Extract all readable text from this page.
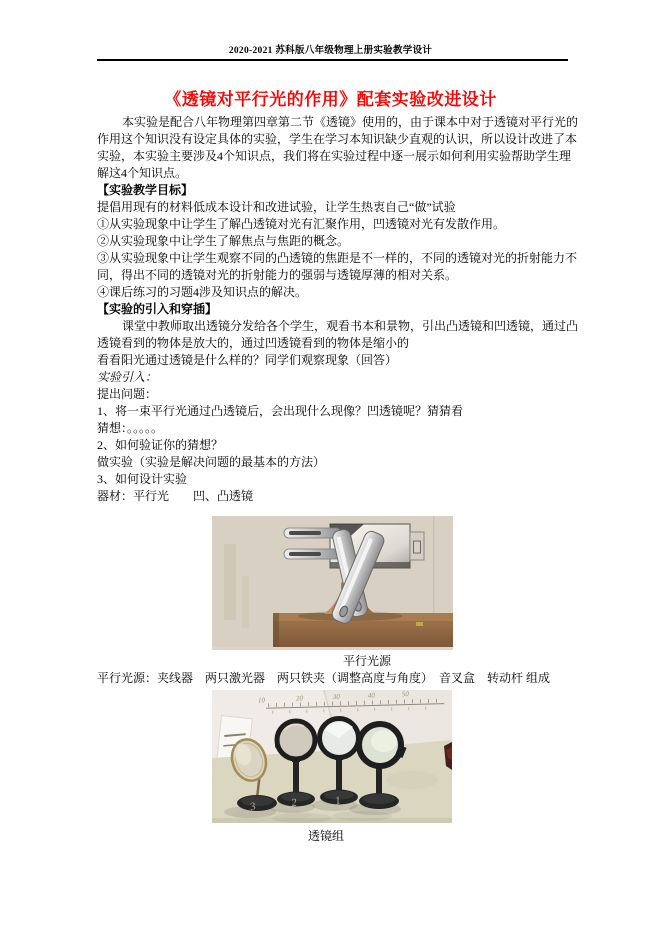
2020-2021 苏科版八年级物理上册实验教学设计
《透镜对平行光的作用》配套实验改进设计
本实验是配合八年物理第四章第二节《透镜》使用的，由于课本中对于透镜对平行光的
作用这个知识没有设定具体的实验，学生在学习本知识缺少直观的认识，所以设计改进了本
实验，本实验主要涉及4个知识点，我们将在实验过程中逐一展示如何利用实验帮助学生理
解这4个知识点。
【实验教学目标】
提倡用现有的材料低成本设计和改进试验，让学生热衷自己“做”试验
①从实验现象中让学生了解凸透镜对光有汇聚作用，凹透镜对光有发散作用。
②从实验现象中让学生了解焦点与焦距的概念。
③从实验现象中让学生观察不同的凸透镜的焦距是不一样的，不同的透镜对光的折射能力不
同，得出不同的透镜对光的折射能力的强弱与透镜厚薄的相对关系。
④课后练习的习题4涉及知识点的解决。
【实验的引入和穿插】
课堂中教师取出透镜分发给各个学生，观看书本和景物，引出凸透镜和凹透镜，通过凸
透镜看到的物体是放大的，通过凹透镜看到的物体是缩小的
看看阳光通过透镜是什么样的？同学们观察现象（回答）
实验引入：
提出问题：
1、将一束平行光通过凸透镜后，会出现什么现像？凹透镜呢？猜猜看
猜想：。。。。。
2、如何验证你的猜想？
做实验（实验是解决问题的最基本的方法）
3、如何设计实验
器材：平行光　　凹、凸透镜
平行光源
平行光源：夹线器　两只激光器　两只铁夹（调整高度与角度）　音叉盒　转动杆 组成
10	20	30	40	50
3	2	1
透镜组
